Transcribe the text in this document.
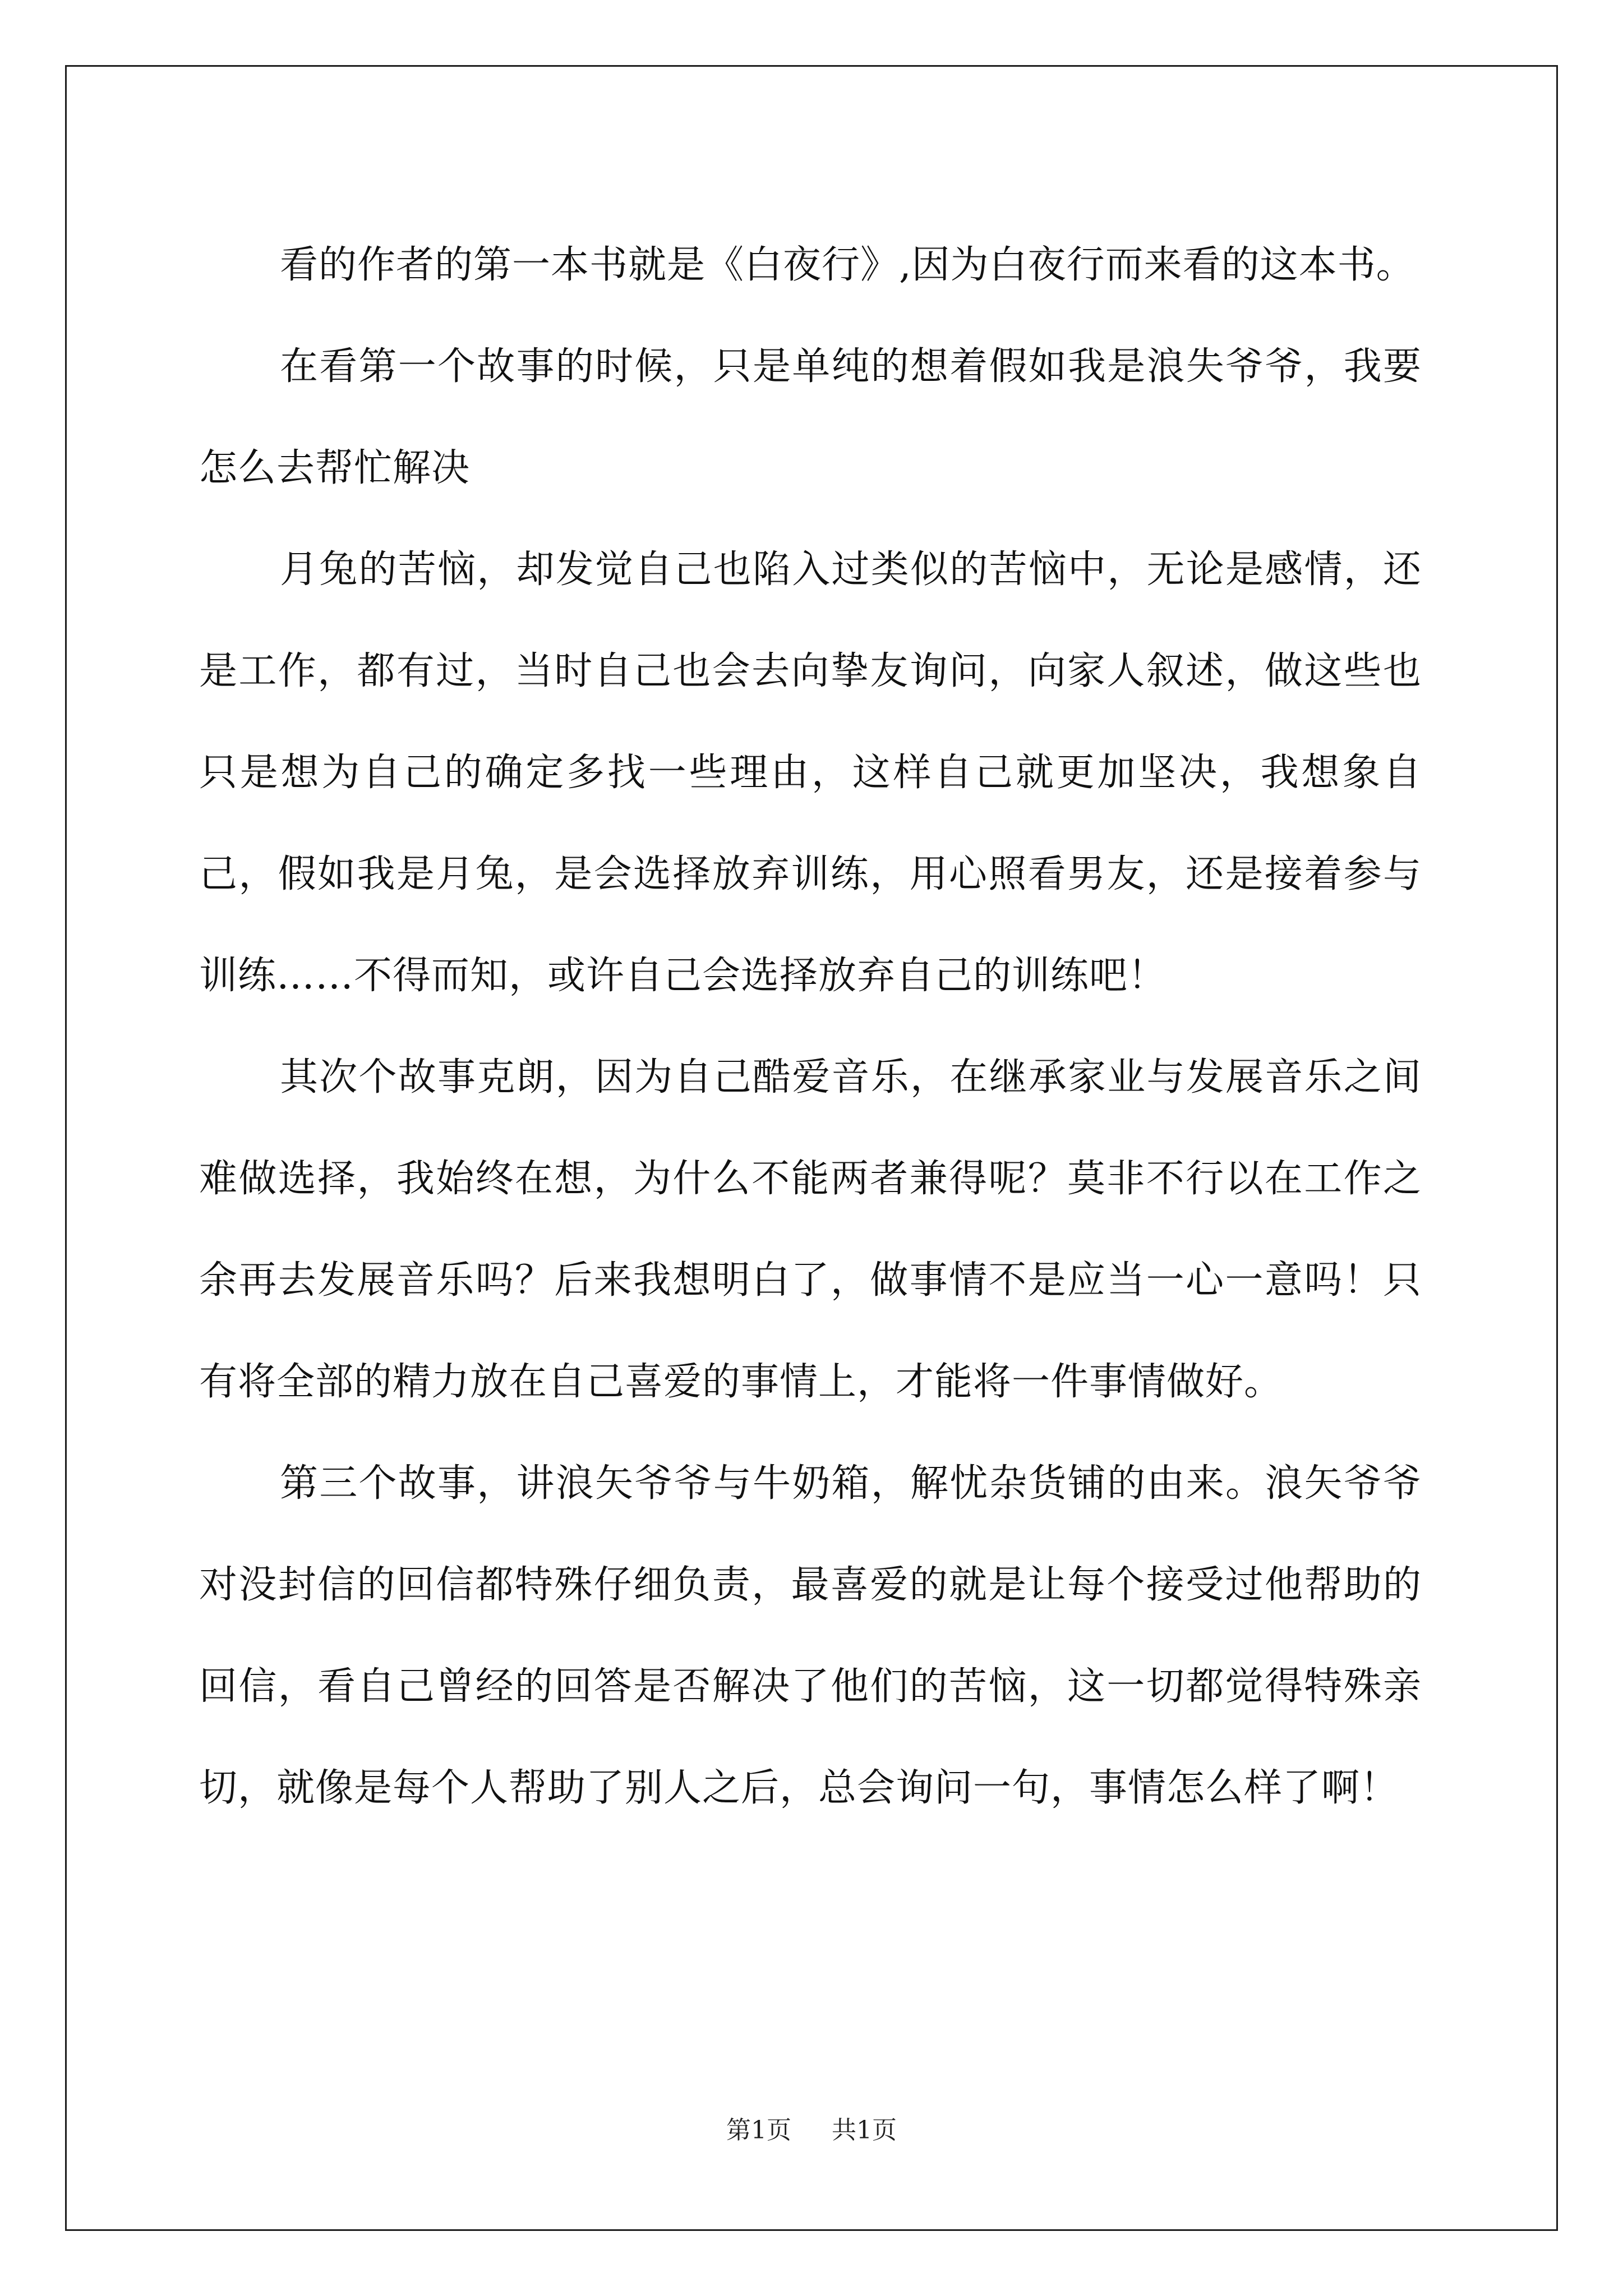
看的作者的第一本书就是《白夜行》,因为白夜行而来看的这本书。

在看第一个故事的时候，只是单纯的想着假如我是浪失爷爷，我要怎么去帮忙解决

月兔的苦恼，却发觉自己也陷入过类似的苦恼中，无论是感情，还是工作，都有过，当时自己也会去向挚友询问，向家人叙述，做这些也只是想为自己的确定多找一些理由，这样自己就更加坚决，我想象自己，假如我是月兔，是会选择放弃训练，用心照看男友，还是接着参与训练……不得而知，或许自己会选择放弃自己的训练吧！

其次个故事克朗，因为自己酷爱音乐，在继承家业与发展音乐之间难做选择，我始终在想，为什么不能两者兼得呢？莫非不行以在工作之余再去发展音乐吗？后来我想明白了，做事情不是应当一心一意吗！只有将全部的精力放在自己喜爱的事情上，才能将一件事情做好。

第三个故事，讲浪矢爷爷与牛奶箱，解忧杂货铺的由来。浪矢爷爷对没封信的回信都特殊仔细负责，最喜爱的就是让每个接受过他帮助的回信，看自己曾经的回答是否解决了他们的苦恼，这一切都觉得特殊亲切，就像是每个人帮助了别人之后，总会询问一句，事情怎么样了啊！

第1页 共1页
